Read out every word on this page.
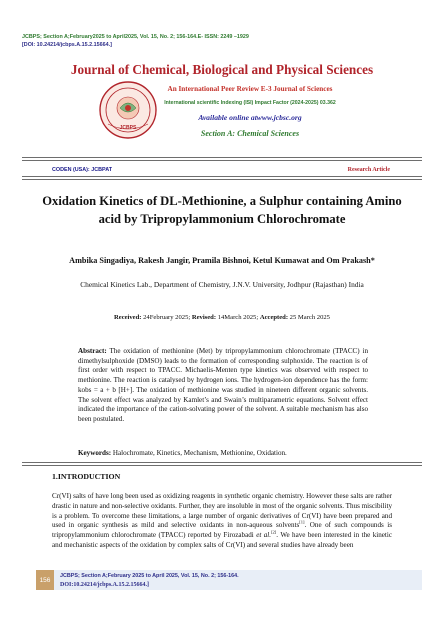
JCBPS; Section A;February2025 to April2025, Vol. 15, No. 2; 156-164.E- ISSN: 2249 –1929
[DOI: 10.24214/jcbps.A.15.2.15664.]
Journal of Chemical, Biological and Physical Sciences
JCBPS
An International Peer Review E-3 Journal of Sciences
International scientific Indexing (ISI) Impact Factor (2024-2025) 03.362
Available online atwww.jcbsc.org
Section A: Chemical Sciences
CODEN (USA): JCBPAT	Research Article
Oxidation Kinetics of DL-Methionine, a Sulphur containing Amino acid by Tripropylammonium Chlorochromate
Ambika Singadiya, Rakesh Jangir, Pramila Bishnoi, Ketul Kumawat and Om Prakash*
Chemical Kinetics Lab., Department of Chemistry, J.N.V. University, Jodhpur (Rajasthan) India
Received: 24February 2025; Revised: 14March 2025; Accepted: 25 March 2025
Abstract: The oxidation of methionine (Met) by tripropylammonium chlorochromate (TPACC) in dimethylsulphoxide (DMSO) leads to the formation of corresponding sulphoxide. The reaction is of first order with respect to TPACC. Michaelis-Menten type kinetics was observed with respect to methionine. The reaction is catalysed by hydrogen ions. The hydrogen-ion dependence has the form: kobs = a + b [H+]. The oxidation of methionine was studied in nineteen different organic solvents. The solvent effect was analyzed by Kamlet’s and Swain’s multiparametric equations. Solvent effect indicated the importance of the cation-solvating power of the solvent. A suitable mechanism has also been postulated.
Keywords: Halochromate, Kinetics, Mechanism, Methionine, Oxidation.
1.INTRODUCTION
Cr(VI) salts of have long been used as oxidizing reagents in synthetic organic chemistry. However these salts are rather drastic in nature and non-selective oxidants. Further, they are insoluble in most of the organic solvents. Thus miscibility is a problem. To overcome these limitations, a large number of organic derivatives of Cr(VI) have been prepared and used in organic synthesis as mild and selective oxidants in non-aqueous solvents[1]. One of such compounds is tripropylammonium chlorochromate (TPACC) reported by Firozabadi et al.[2]. We have been interested in the kinetic and mechanistic aspects of the oxidation by complex salts of Cr(VI) and several studies have already been
156
JCBPS; Section A;February 2025 to April 2025, Vol. 15, No. 2; 156-164.
DOI:10.24214/jcbps.A.15.2.15664.]
